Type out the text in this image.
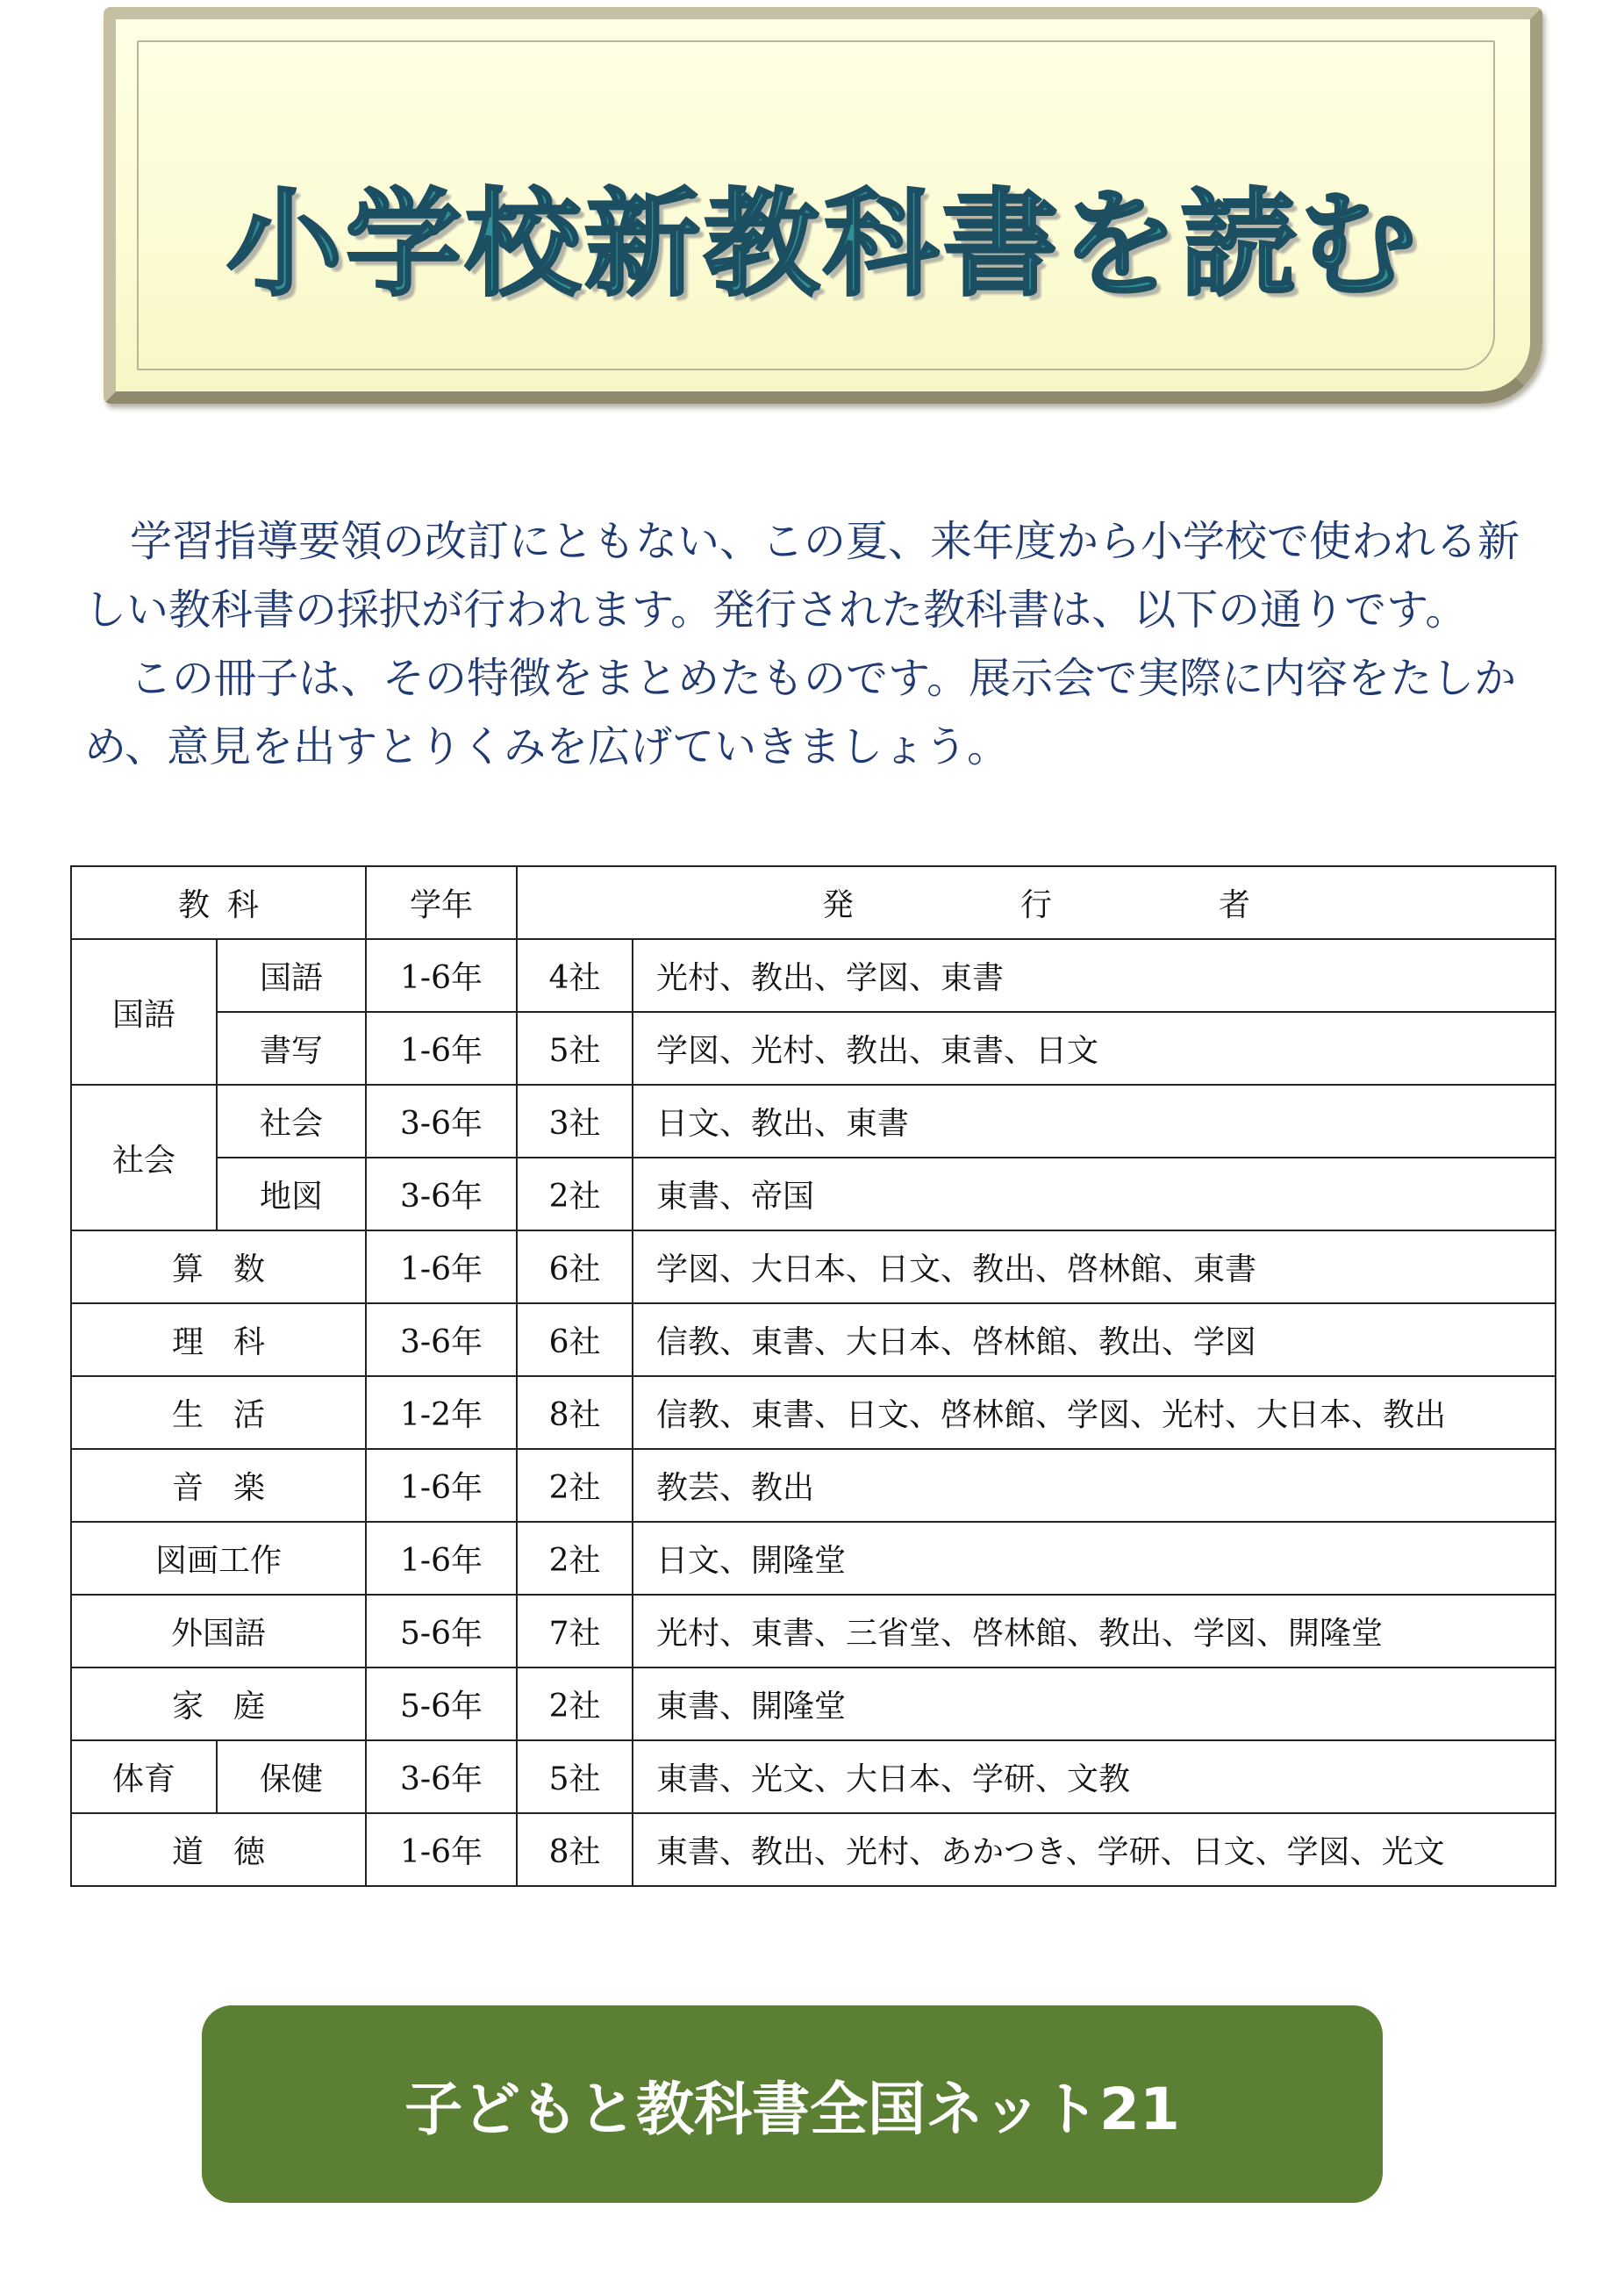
小学校新教科書を読む

学習指導要領の改訂にともない、この夏、来年度から小学校で使われる新しい教科書の採択が行われます。発行された教科書は、以下の通りです。

この冊子は、その特徴をまとめたものです。展示会で実際に内容をたしかめ、意見を出すとりくみを広げていきましょう。

教科		学年	発行者	
国語	国語	1-6年	4社	光村、教出、学図、東書
	書写	1-6年	5社	学図、光村、教出、東書、日文
社会	社会	3-6年	3社	日文、教出、東書
	地図	3-6年	2社	東書、帝国
算数		1-6年	6社	学図、大日本、日文、教出、啓林館、東書
理科		3-6年	6社	信教、東書、大日本、啓林館、教出、学図
生活		1-2年	8社	信教、東書、日文、啓林館、学図、光村、大日本、教出
音楽		1-6年	2社	教芸、教出
図画工作		1-6年	2社	日文、開隆堂
外国語		5-6年	7社	光村、東書、三省堂、啓林館、教出、学図、開隆堂
家庭		5-6年	2社	東書、開隆堂
体育	保健	3-6年	5社	東書、光文、大日本、学研、文教
道徳		1-6年	8社	東書、教出、光村、あかつき、学研、日文、学図、光文
子どもと教科書全国ネット21
